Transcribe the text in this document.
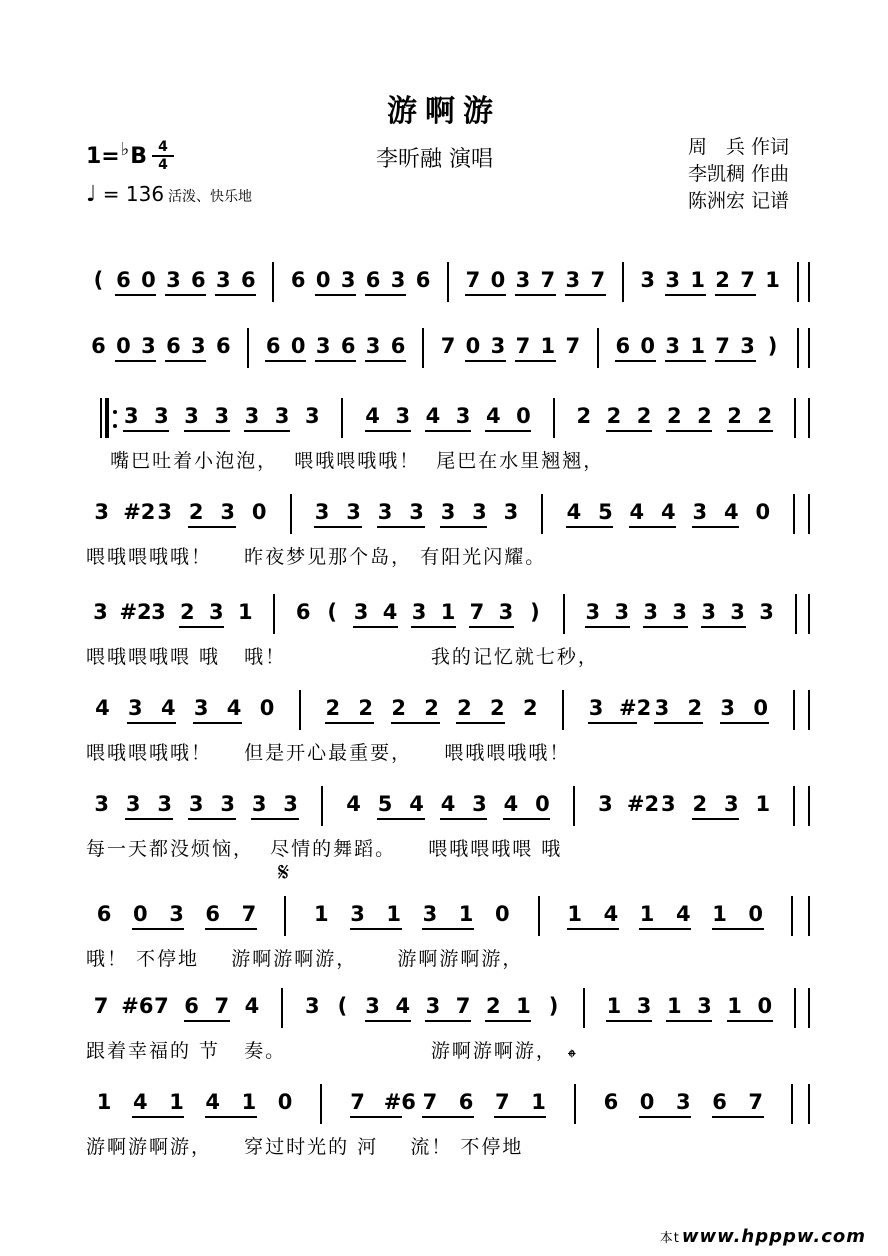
游啊游
1=♭B 4
4
♩ = 136 活泼、快乐地
李昕融 演唱	周　兵 作词
李凯稠 作曲
陈洲宏 记谱
( 6 0 3 6 3 6 6 0 3 6 3 6 7 0 3 7 3 7 3 3 1 2 7 1
6 0 3 6 3 6 6 0 3 6 3 6 7 0 3 7 1 7 6 0 3 1 7 3 )
3 3 3 3 3 3 3 4 3 4 3 4 0 2 2 2 2 2 2 2
嘴巴吐着小泡泡，  喂哦喂哦哦！  尾巴在水里翘翘，
3 #2 3 2 3 0 3 3 3 3 3 3 3 4 5 4 4 3 4 0
喂哦喂哦哦！    昨夜梦见那个岛， 有阳光闪耀。
3 #2 3 2 3 1 6 ( 3 4 3 1 7 3 ) 3 3 3 3 3 3 3
喂哦喂哦喂 哦   哦！                  我的记忆就七秒，
4 3 4 3 4 0 2 2 2 2 2 2 2 3 #2 3 2 3 0
喂哦喂哦哦！    但是开心最重要，    喂哦喂哦哦！
3 3 3 3 3 3 3 4 5 4 4 3 4 0 3 #2 3 2 3 1
每一天都没烦恼，  尽情的舞蹈。    喂哦喂哦喂 哦
6 0 3 6 7	1 3 1 3 1 0	1 4 1 4 1 0
哦！ 不停地    游啊游啊游，     游啊游啊游，
7 #6 7 6 7 4 3 ( 3 4 3 7 2 1 ) 1 3 1 3 1 0
跟着幸福的 节   奏。                  游啊游啊游，
1 4 1 4 1 0	7 #6 7 6 7 1	6 0 3 6 7
游啊游啊游，    穿过时光的 河    流！ 不停地
𝄋
𝄌
本t www.hpppw.com
